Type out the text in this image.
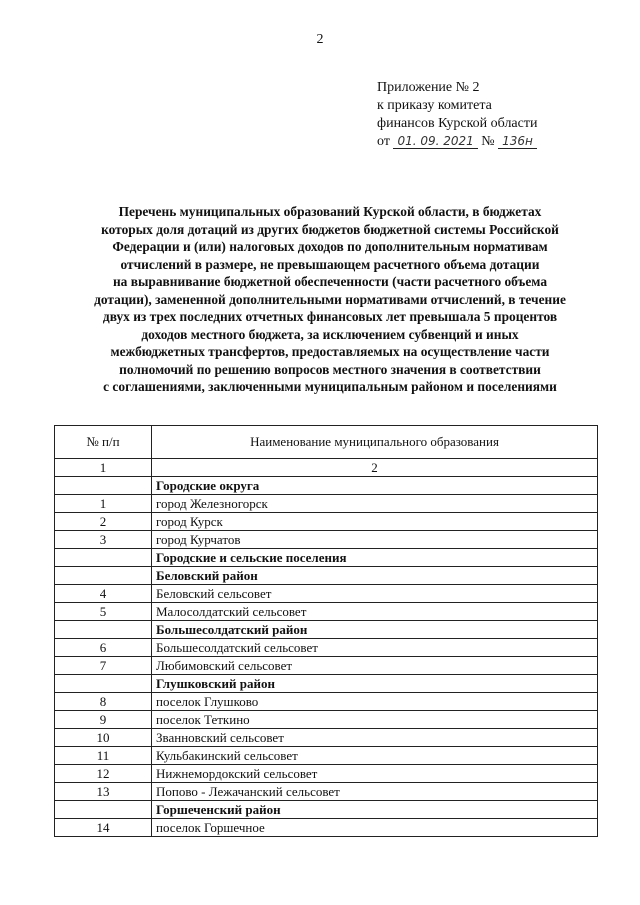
2
Приложение № 2
к приказу комитета
финансов Курской области
от 01. 09. 2021 № 136н
Перечень муниципальных образований Курской области, в бюджетах
которых доля дотаций из других бюджетов бюджетной системы Российской
Федерации и (или) налоговых доходов по дополнительным нормативам
отчислений в размере, не превышающем расчетного объема дотации
на выравнивание бюджетной обеспеченности (части расчетного объема
дотации), замененной дополнительными нормативами отчислений, в течение
двух из трех последних отчетных финансовых лет превышала 5 процентов
доходов местного бюджета, за исключением субвенций и иных
межбюджетных трансфертов, предоставляемых на осуществление части
полномочий по решению вопросов местного значения в соответствии
с соглашениями, заключенными муниципальным районом и поселениями
№ п/п	Наименование муниципального образования
1	2
	Городские округа
1	город Железногорск
2	город Курск
3	город Курчатов
	Городские и сельские поселения
	Беловский район
4	Беловский сельсовет
5	Малосолдатский сельсовет
	Большесолдатский район
6	Большесолдатский сельсовет
7	Любимовский сельсовет
	Глушковский район
8	поселок Глушково
9	поселок Теткино
10	Званновский сельсовет
11	Кульбакинский сельсовет
12	Нижнемордокский сельсовет
13	Попово - Лежачанский сельсовет
	Горшеченский район
14	поселок Горшечное
